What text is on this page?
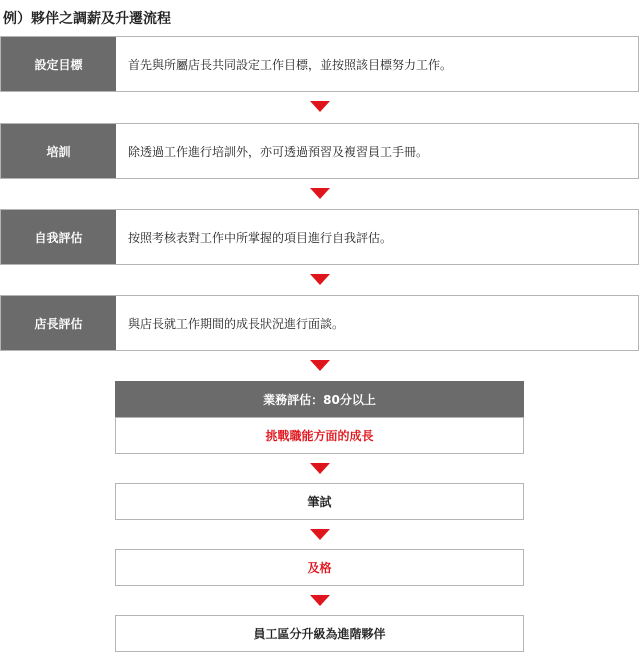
例）夥伴之調薪及升遷流程
設定目標	首先與所屬店長共同設定工作目標，並按照該目標努力工作。
培訓	除透過工作進行培訓外，亦可透過預習及複習員工手冊。
自我評估	按照考核表對工作中所掌握的項目進行自我評估。
店長評估	與店長就工作期間的成長狀況進行面談。
業務評估：80分以上
挑戰職能方面的成長
筆試
及格
員工區分升級為進階夥伴
